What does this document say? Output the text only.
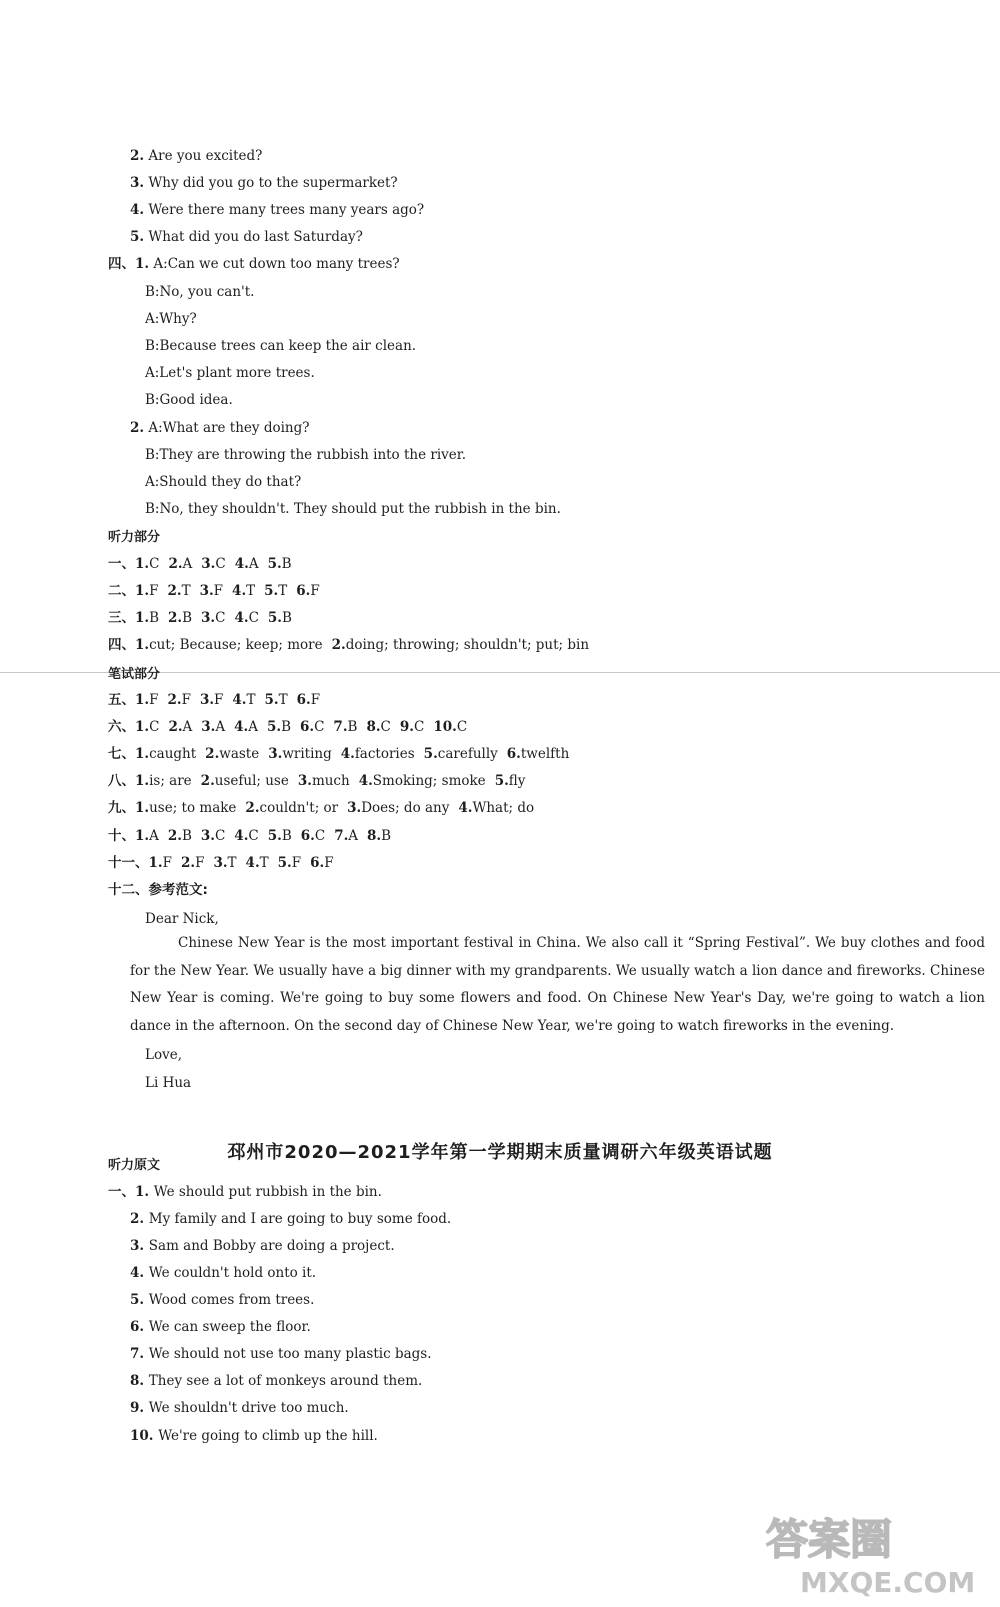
2. Are you excited?
3. Why did you go to the supermarket?
4. Were there many trees many years ago?
5. What did you do last Saturday?
四、1. A:Can we cut down too many trees?
B:No, you can't.
A:Why?
B:Because trees can keep the air clean.
A:Let's plant more trees.
B:Good idea.
2. A:What are they doing?
B:They are throwing the rubbish into the river.
A:Should they do that?
B:No, they shouldn't. They should put the rubbish in the bin.
听力部分
一、1.C 2.A 3.C 4.A 5.B
二、1.F 2.T 3.F 4.T 5.T 6.F
三、1.B 2.B 3.C 4.C 5.B
四、1.cut; Because; keep; more 2.doing; throwing; shouldn't; put; bin
笔试部分
五、1.F 2.F 3.F 4.T 5.T 6.F
六、1.C 2.A 3.A 4.A 5.B 6.C 7.B 8.C 9.C 10.C
七、1.caught 2.waste 3.writing 4.factories 5.carefully 6.twelfth
八、1.is; are 2.useful; use 3.much 4.Smoking; smoke 5.fly
九、1.use; to make 2.couldn't; or 3.Does; do any 4.What; do
十、1.A 2.B 3.C 4.C 5.B 6.C 7.A 8.B
十一、1.F 2.F 3.T 4.T 5.F 6.F
十二、参考范文:
Dear Nick,
Chinese New Year is the most important festival in China. We also call it “Spring Festival”. We buy clothes and food for the New Year. We usually have a big dinner with my grandparents. We usually watch a lion dance and fireworks. Chinese New Year is coming. We're going to buy some flowers and food. On Chinese New Year's Day, we're going to watch a lion dance in the afternoon. On the second day of Chinese New Year, we're going to watch fireworks in the evening.
Love,
Li Hua
邳州市2020—2021学年第一学期期末质量调研六年级英语试题
听力原文
一、1. We should put rubbish in the bin.
2. My family and I are going to buy some food.
3. Sam and Bobby are doing a project.
4. We couldn't hold onto it.
5. Wood comes from trees.
6. We can sweep the floor.
7. We should not use too many plastic bags.
8. They see a lot of monkeys around them.
9. We shouldn't drive too much.
10. We're going to climb up the hill.
答案圈
MXQE.COM
